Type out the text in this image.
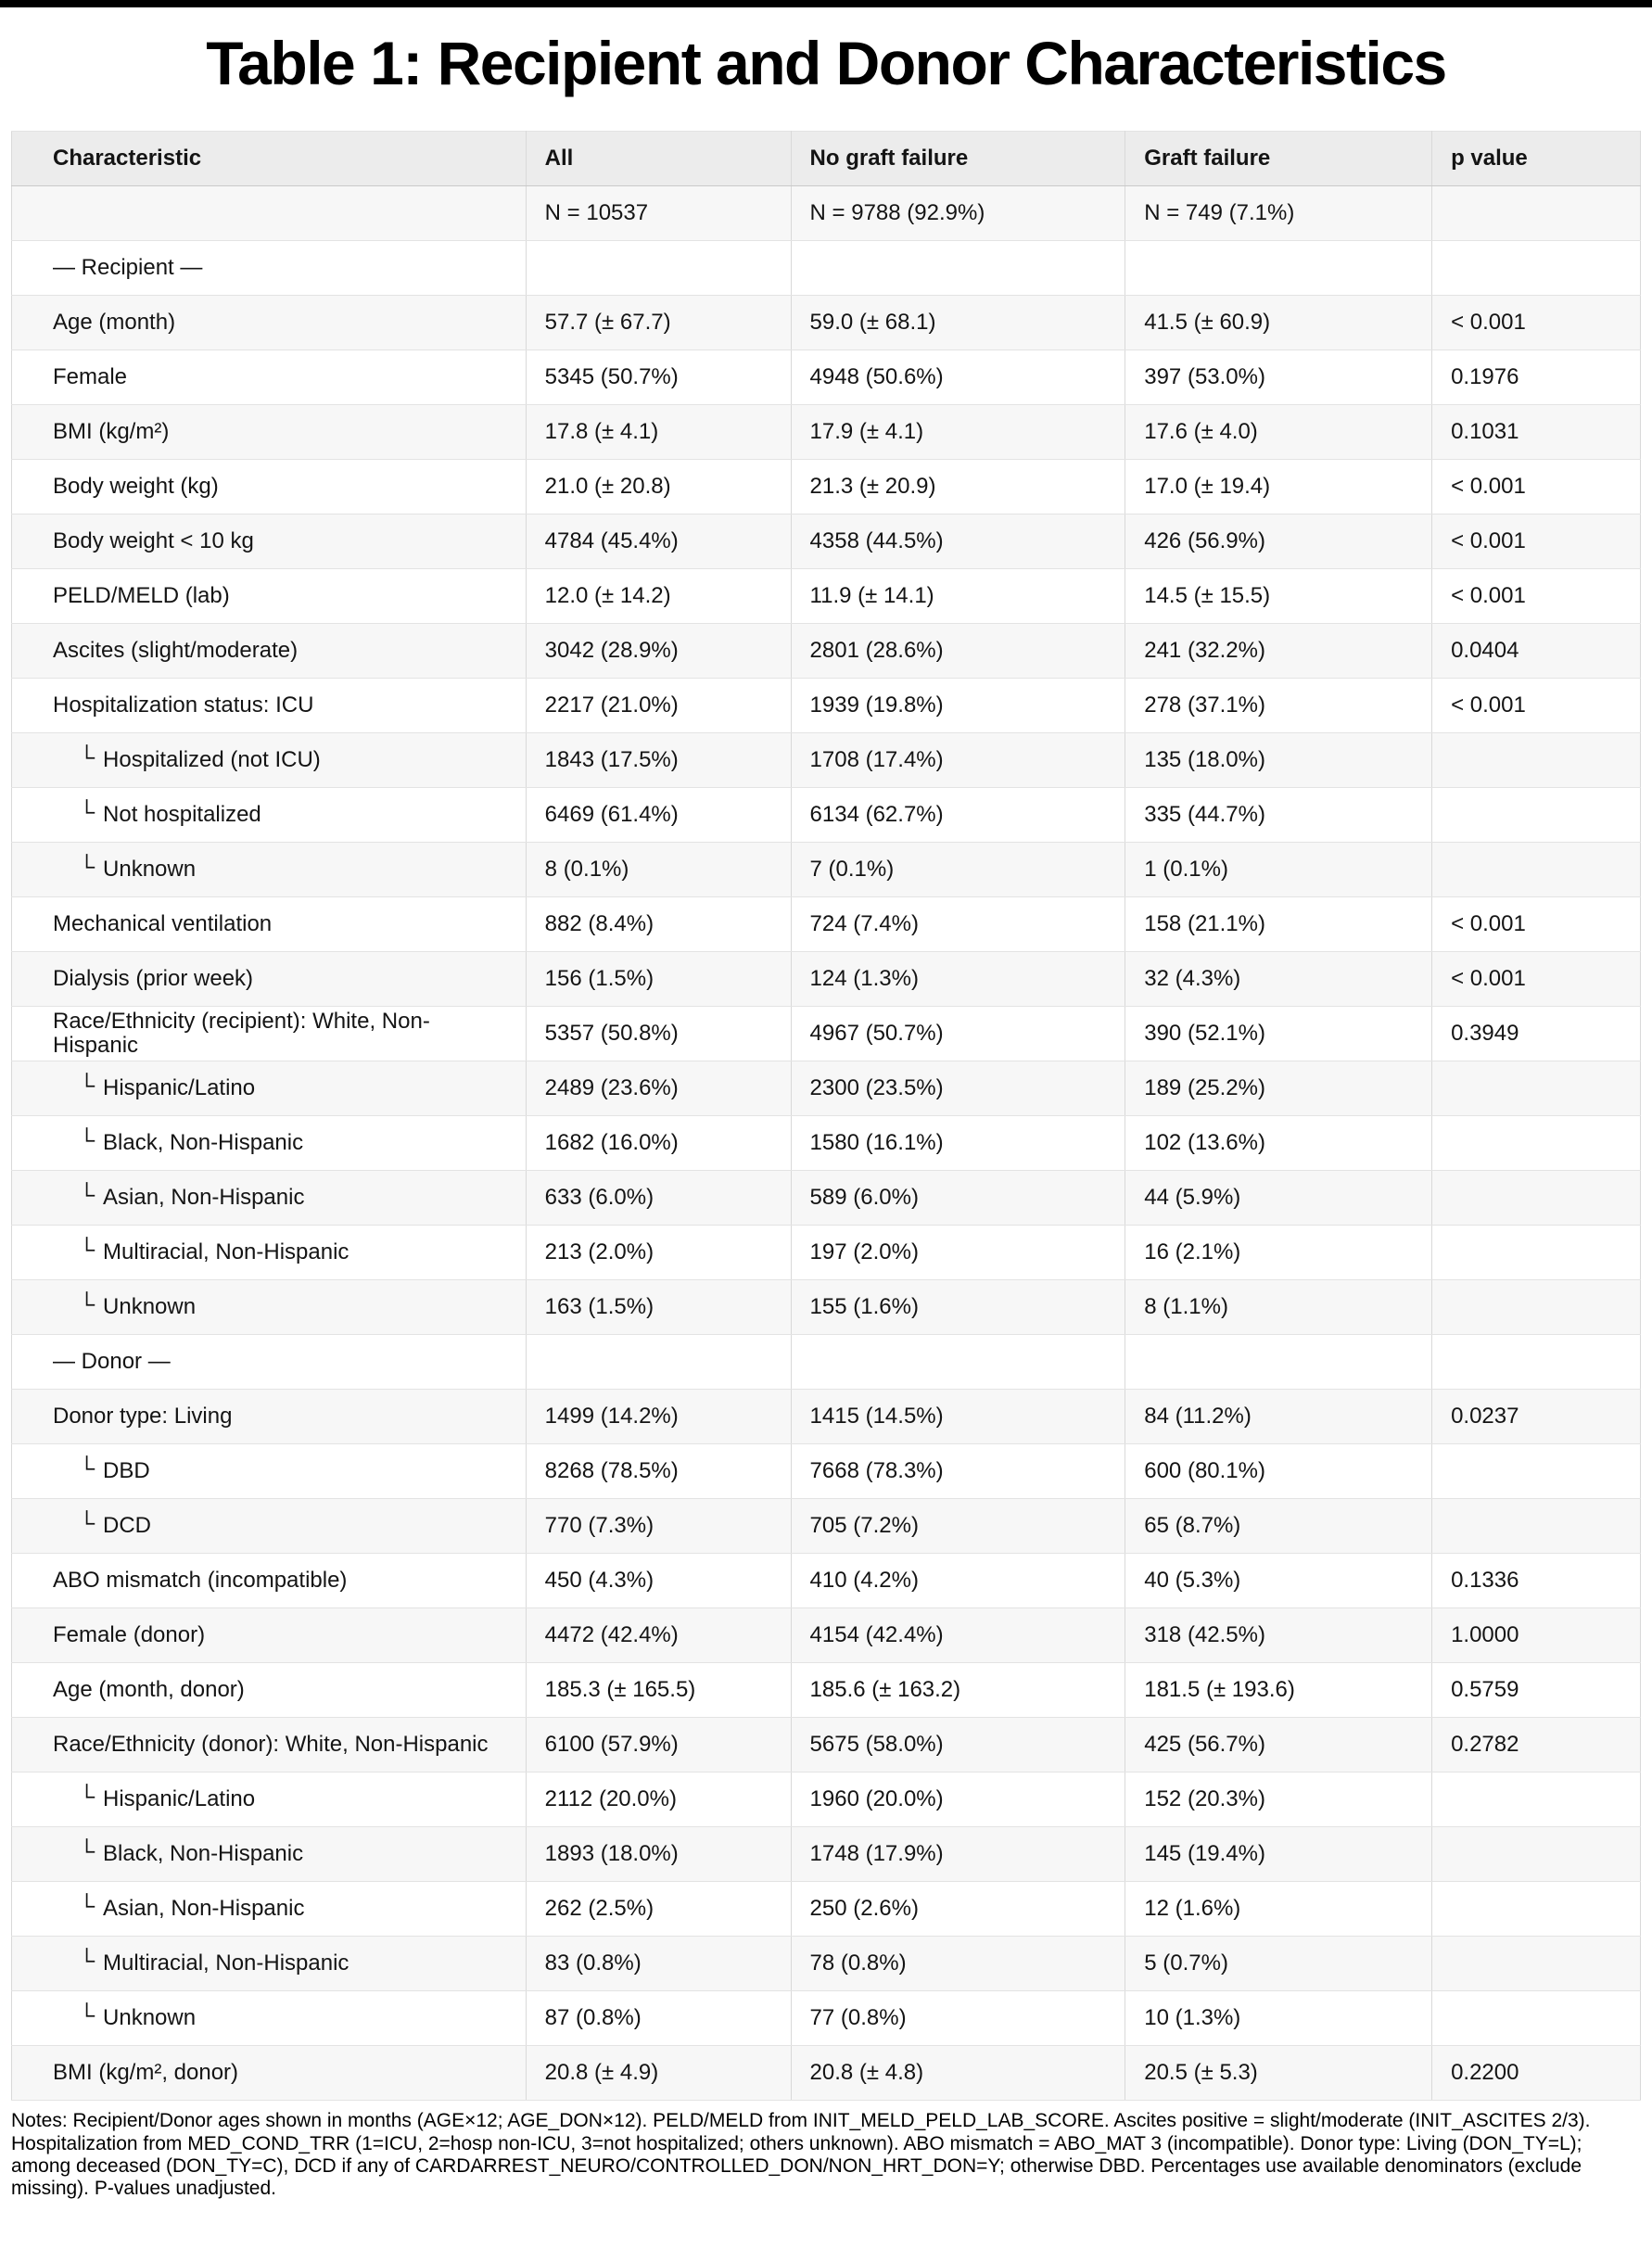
Table 1: Recipient and Donor Characteristics
Characteristic	All	No graft failure	Graft failure	p value
	N = 10537	N = 9788 (92.9%)	N = 749 (7.1%)	
— Recipient —				
Age (month)	57.7 (± 67.7)	59.0 (± 68.1)	41.5 (± 60.9)	< 0.001
Female	5345 (50.7%)	4948 (50.6%)	397 (53.0%)	0.1976
BMI (kg/m²)	17.8 (± 4.1)	17.9 (± 4.1)	17.6 (± 4.0)	0.1031
Body weight (kg)	21.0 (± 20.8)	21.3 (± 20.9)	17.0 (± 19.4)	< 0.001
Body weight < 10 kg	4784 (45.4%)	4358 (44.5%)	426 (56.9%)	< 0.001
PELD/MELD (lab)	12.0 (± 14.2)	11.9 (± 14.1)	14.5 (± 15.5)	< 0.001
Ascites (slight/moderate)	3042 (28.9%)	2801 (28.6%)	241 (32.2%)	0.0404
Hospitalization status: ICU	2217 (21.0%)	1939 (19.8%)	278 (37.1%)	< 0.001
└ Hospitalized (not ICU)	1843 (17.5%)	1708 (17.4%)	135 (18.0%)	
└ Not hospitalized	6469 (61.4%)	6134 (62.7%)	335 (44.7%)	
└ Unknown	8 (0.1%)	7 (0.1%)	1 (0.1%)	
Mechanical ventilation	882 (8.4%)	724 (7.4%)	158 (21.1%)	< 0.001
Dialysis (prior week)	156 (1.5%)	124 (1.3%)	32 (4.3%)	< 0.001
Race/Ethnicity (recipient): White, Non-Hispanic	5357 (50.8%)	4967 (50.7%)	390 (52.1%)	0.3949
└ Hispanic/Latino	2489 (23.6%)	2300 (23.5%)	189 (25.2%)	
└ Black, Non-Hispanic	1682 (16.0%)	1580 (16.1%)	102 (13.6%)	
└ Asian, Non-Hispanic	633 (6.0%)	589 (6.0%)	44 (5.9%)	
└ Multiracial, Non-Hispanic	213 (2.0%)	197 (2.0%)	16 (2.1%)	
└ Unknown	163 (1.5%)	155 (1.6%)	8 (1.1%)	
— Donor —				
Donor type: Living	1499 (14.2%)	1415 (14.5%)	84 (11.2%)	0.0237
└ DBD	8268 (78.5%)	7668 (78.3%)	600 (80.1%)	
└ DCD	770 (7.3%)	705 (7.2%)	65 (8.7%)	
ABO mismatch (incompatible)	450 (4.3%)	410 (4.2%)	40 (5.3%)	0.1336
Female (donor)	4472 (42.4%)	4154 (42.4%)	318 (42.5%)	1.0000
Age (month, donor)	185.3 (± 165.5)	185.6 (± 163.2)	181.5 (± 193.6)	0.5759
Race/Ethnicity (donor): White, Non-Hispanic	6100 (57.9%)	5675 (58.0%)	425 (56.7%)	0.2782
└ Hispanic/Latino	2112 (20.0%)	1960 (20.0%)	152 (20.3%)	
└ Black, Non-Hispanic	1893 (18.0%)	1748 (17.9%)	145 (19.4%)	
└ Asian, Non-Hispanic	262 (2.5%)	250 (2.6%)	12 (1.6%)	
└ Multiracial, Non-Hispanic	83 (0.8%)	78 (0.8%)	5 (0.7%)	
└ Unknown	87 (0.8%)	77 (0.8%)	10 (1.3%)	
BMI (kg/m², donor)	20.8 (± 4.9)	20.8 (± 4.8)	20.5 (± 5.3)	0.2200

Notes: Recipient/Donor ages shown in months (AGE×12; AGE_DON×12). PELD/MELD from INIT_MELD_PELD_LAB_SCORE. Ascites positive = slight/moderate (INIT_ASCITES 2/3). Hospitalization from MED_COND_TRR (1=ICU, 2=hosp non-ICU, 3=not hospitalized; others unknown). ABO mismatch = ABO_MAT 3 (incompatible). Donor type: Living (DON_TY=L); among deceased (DON_TY=C), DCD if any of CARDARREST_NEURO/CONTROLLED_DON/NON_HRT_DON=Y; otherwise DBD. Percentages use available denominators (exclude missing). P-values unadjusted.
